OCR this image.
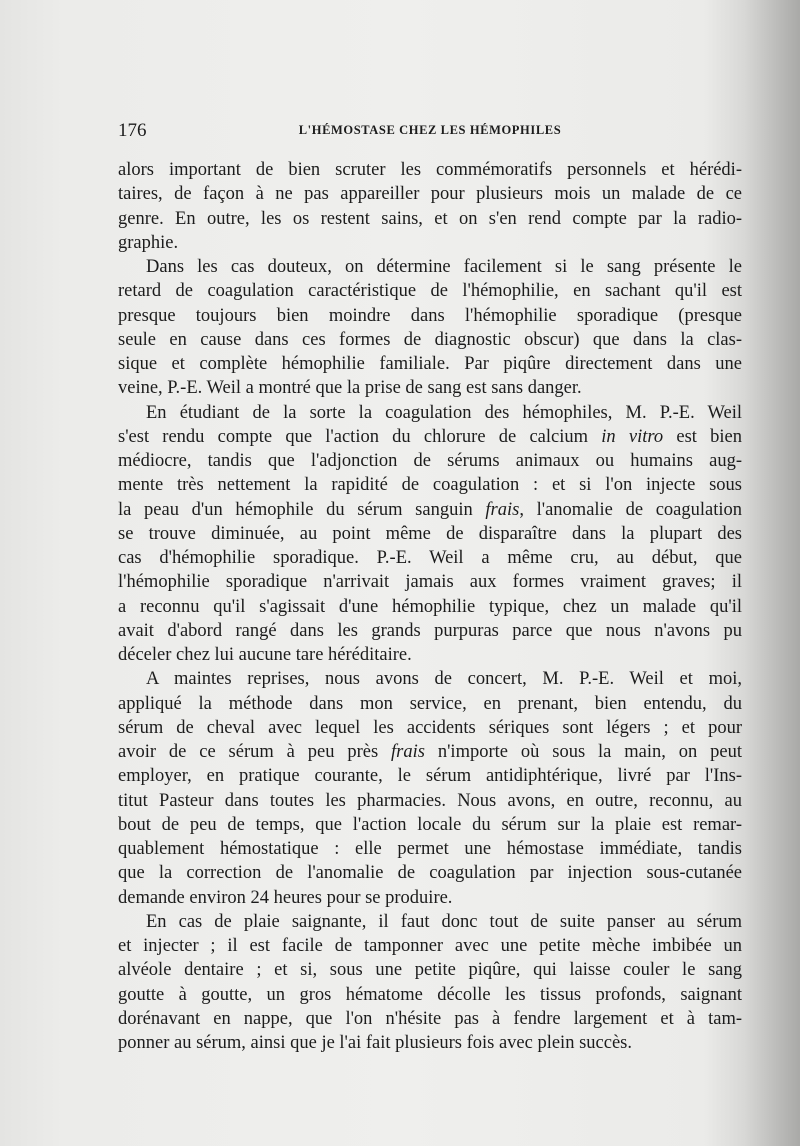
176	L'HÉMOSTASE CHEZ LES HÉMOPHILES
alors important de bien scruter les commémoratifs personnels et hérédi-
taires, de façon à ne pas appareiller pour plusieurs mois un malade de ce
genre. En outre, les os restent sains, et on s'en rend compte par la radio-
graphie.
Dans les cas douteux, on détermine facilement si le sang présente le
retard de coagulation caractéristique de l'hémophilie, en sachant qu'il est
presque toujours bien moindre dans l'hémophilie sporadique (presque
seule en cause dans ces formes de diagnostic obscur) que dans la clas-
sique et complète hémophilie familiale. Par piqûre directement dans une
veine, P.-E. Weil a montré que la prise de sang est sans danger.
En étudiant de la sorte la coagulation des hémophiles, M. P.-E. Weil
s'est rendu compte que l'action du chlorure de calcium in vitro est bien
médiocre, tandis que l'adjonction de sérums animaux ou humains aug-
mente très nettement la rapidité de coagulation : et si l'on injecte sous
la peau d'un hémophile du sérum sanguin frais, l'anomalie de coagulation
se trouve diminuée, au point même de disparaître dans la plupart des
cas d'hémophilie sporadique. P.-E. Weil a même cru, au début, que
l'hémophilie sporadique n'arrivait jamais aux formes vraiment graves; il
a reconnu qu'il s'agissait d'une hémophilie typique, chez un malade qu'il
avait d'abord rangé dans les grands purpuras parce que nous n'avons pu
déceler chez lui aucune tare héréditaire.
A maintes reprises, nous avons de concert, M. P.-E. Weil et moi,
appliqué la méthode dans mon service, en prenant, bien entendu, du
sérum de cheval avec lequel les accidents sériques sont légers ; et pour
avoir de ce sérum à peu près frais n'importe où sous la main, on peut
employer, en pratique courante, le sérum antidiphtérique, livré par l'Ins-
titut Pasteur dans toutes les pharmacies. Nous avons, en outre, reconnu, au
bout de peu de temps, que l'action locale du sérum sur la plaie est remar-
quablement hémostatique : elle permet une hémostase immédiate, tandis
que la correction de l'anomalie de coagulation par injection sous-cutanée
demande environ 24 heures pour se produire.
En cas de plaie saignante, il faut donc tout de suite panser au sérum
et injecter ; il est facile de tamponner avec une petite mèche imbibée un
alvéole dentaire ; et si, sous une petite piqûre, qui laisse couler le sang
goutte à goutte, un gros hématome décolle les tissus profonds, saignant
dorénavant en nappe, que l'on n'hésite pas à fendre largement et à tam-
ponner au sérum, ainsi que je l'ai fait plusieurs fois avec plein succès.
